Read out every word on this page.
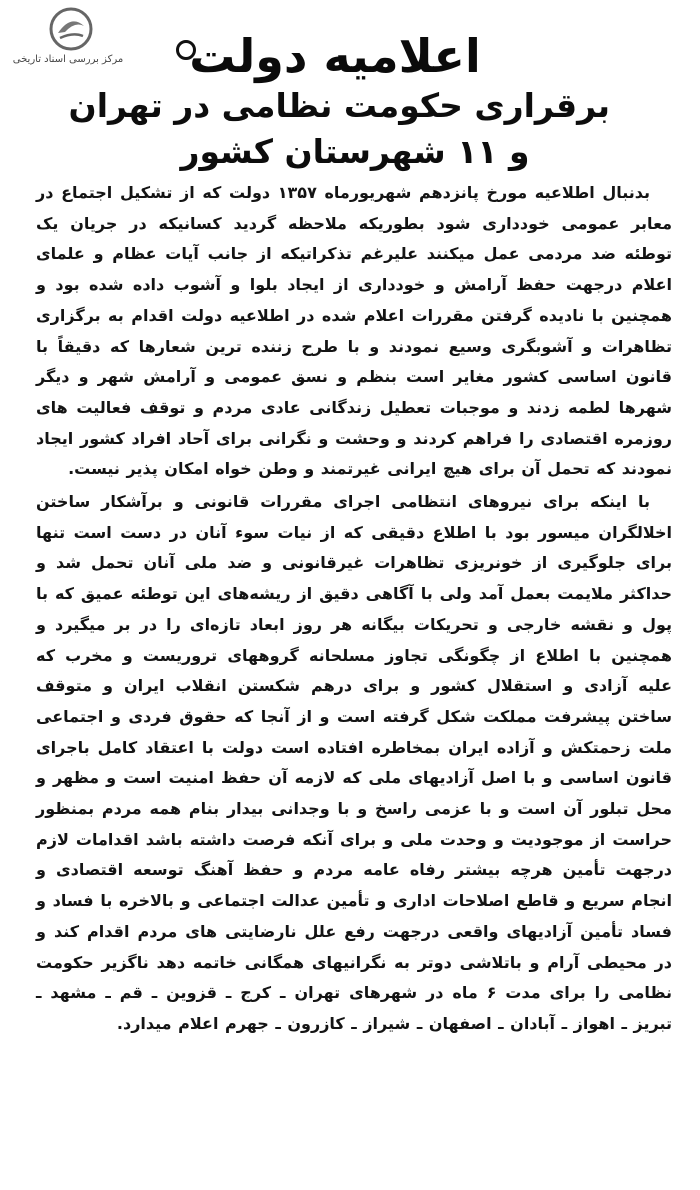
مرکز بررسی اسناد تاریخی	اعلامیه دولت
برقراری حکومت نظامی در تهران
و ۱۱ شهرستان کشور

بدنبال اطلاعیه مورخ پانزدهم شهریورماه ۱۳۵۷ دولت که از تشکیل اجتماع در معابر عمومی خودداری شود بطوریکه ملاحظه گردید کسانیکه در جریان یک توطئه ضد مردمی عمل میکنند علیرغم تذکراتیکه از جانب آیات عظام و علمای اعلام درجهت حفظ آرامش و خودداری از ایجاد بلوا و آشوب داده شده بود و همچنین با نادیده گرفتن مقررات اعلام شده در اطلاعیه دولت اقدام به برگزاری تظاهرات و آشوبگری وسیع نمودند و با طرح زننده ترین شعارها که دقیقاً با قانون اساسی کشور مغایر است بنظم و نسق عمومی و آرامش شهر و دیگر شهرها لطمه زدند و موجبات تعطیل زندگانی عادی مردم و توقف فعالیت های روزمره اقتصادی را فراهم کردند و وحشت و نگرانی برای آحاد افراد کشور ایجاد نمودند که تحمل آن برای هیچ ایرانی غیرتمند و وطن خواه امکان پذیر نیست.

با اینکه برای نیروهای انتظامی اجرای مقررات قانونی و برآشکار ساختن اخلالگران میسور بود با اطلاع دقیقی که از نیات سوء آنان در دست است تنها برای جلوگیری از خونریزی تظاهرات غیرقانونی و ضد ملی آنان تحمل شد و حداکثر ملایمت بعمل آمد ولی با آگاهی دقیق از ریشه‌های این توطئه عمیق که با پول و نقشه خارجی و تحریکات بیگانه هر روز ابعاد تازه‌ای را در بر میگیرد و همچنین با اطلاع از چگونگی تجاوز مسلحانه گروههای تروریست و مخرب که علیه آزادی و استقلال کشور و برای درهم شکستن انقلاب ایران و متوقف ساختن پیشرفت مملکت شکل گرفته است و از آنجا که حقوق فردی و اجتماعی ملت زحمتکش و آزاده ایران بمخاطره افتاده است دولت با اعتقاد کامل باجرای قانون اساسی و با اصل آزادیهای ملی که لازمه آن حفظ امنیت است و مظهر و محل تبلور آن است و با عزمی راسخ و با وجدانی بیدار بنام همه مردم بمنظور حراست از موجودیت و وحدت ملی و برای آنکه فرصت داشته باشد اقدامات لازم درجهت تأمین هرچه بیشتر رفاه عامه مردم و حفظ آهنگ توسعه اقتصادی و انجام سریع و قاطع اصلاحات اداری و تأمین عدالت اجتماعی و بالاخره با فساد و فساد تأمین آزادیهای واقعی درجهت رفع علل نارضایتی های مردم اقدام کند و در محیطی آرام و باتلاشی دوتر به نگرانیهای همگانی خاتمه دهد ناگزیر حکومت نظامی را برای مدت ۶ ماه در شهرهای تهران ـ کرج ـ قزوین ـ قم ـ مشهد ـ تبریز ـ اهواز ـ آبادان ـ اصفهان ـ شیراز ـ کازرون ـ جهرم اعلام میدارد.
